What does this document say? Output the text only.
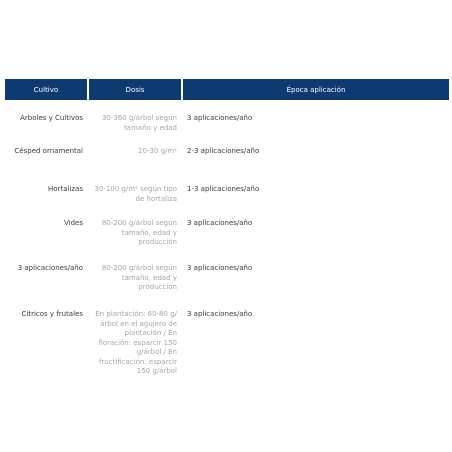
Cultivo	Dosis	Época aplicación
Árboles y Cultivos	30-360 g/árbol según tamaño y edad	3 aplicaciones/año
Césped ornamental	20-30 g/m²	2-3 aplicaciones/año
Hortalizas	30-100 g/m² según tipo de hortaliza	1-3 aplicaciones/año
Vides	80-200 g/árbol según tamaño, edad y producción	3 aplicaciones/año
3 aplicaciones/año	80-200 g/árbol según tamaño, edad y producción	3 aplicaciones/año
Cítricos y frutales	En plantación: 60-80 g/árbol en el agujero de plantación / En floración: esparcir 150 g/árbol / En fructificación: esparcir 150 g/árbol	3 aplicaciones/año
